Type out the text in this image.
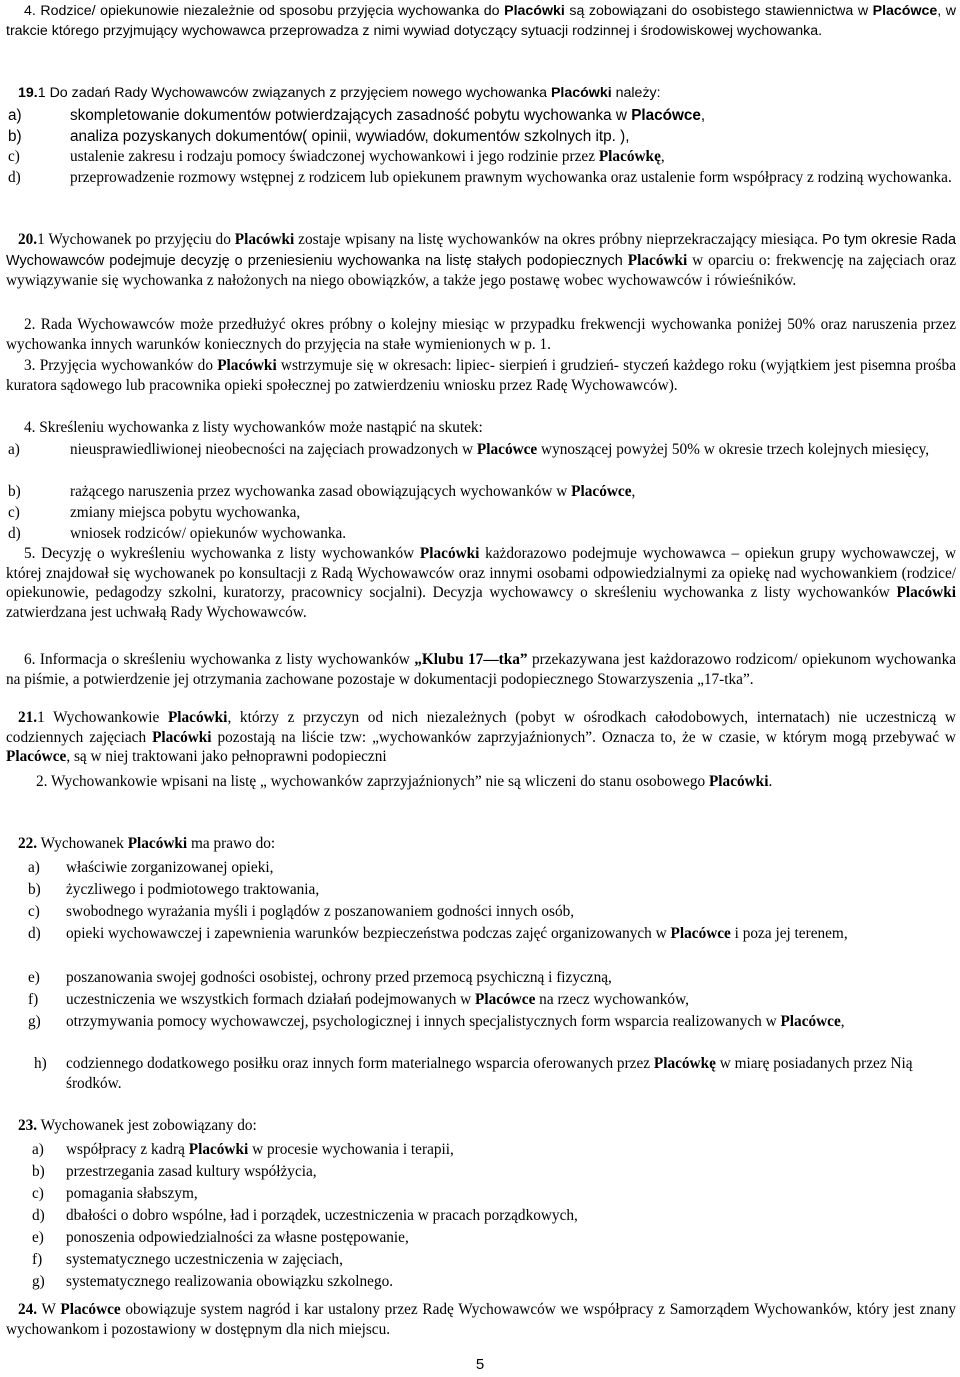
4. Rodzice/ opiekunowie niezależnie od sposobu przyjęcia wychowanka do Placówki są zobowiązani do osobistego stawiennictwa w Placówce, w trakcie którego przyjmujący wychowawca przeprowadza z nimi wywiad dotyczący sytuacji rodzinnej i środowiskowej wychowanka.

19.1 Do zadań Rady Wychowawców związanych z przyjęciem nowego wychowanka Placówki należy:

a)	skompletowanie dokumentów potwierdzających zasadność pobytu wychowanka w Placówce,
b)	analiza pozyskanych dokumentów( opinii, wywiadów, dokumentów szkolnych itp. ),
c)	ustalenie zakresu i rodzaju pomocy świadczonej wychowankowi i jego rodzinie przez Placówkę,
d)	przeprowadzenie rozmowy wstępnej z rodzicem lub opiekunem prawnym wychowanka oraz ustalenie form współpracy z rodziną wychowanka.

20.1 Wychowanek po przyjęciu do Placówki zostaje wpisany na listę wychowanków na okres próbny nieprzekraczający miesiąca. Po tym okresie Rada Wychowawców podejmuje decyzję o przeniesieniu wychowanka na listę stałych podopiecznych Placówki w oparciu o: frekwencję na zajęciach oraz wywiązywanie się wychowanka z nałożonych na niego obowiązków, a także jego postawę wobec wychowawców i rówieśników.

2. Rada Wychowawców może przedłużyć okres próbny o kolejny miesiąc w przypadku frekwencji wychowanka poniżej 50% oraz naruszenia przez wychowanka innych warunków koniecznych do przyjęcia na stałe wymienionych w p. 1.

3. Przyjęcia wychowanków do Placówki wstrzymuje się w okresach: lipiec- sierpień i grudzień- styczeń każdego roku (wyjątkiem jest pisemna prośba kuratora sądowego lub pracownika opieki społecznej po zatwierdzeniu wniosku przez Radę Wychowawców).

4. Skreśleniu wychowanka z listy wychowanków może nastąpić na skutek:

a)	nieusprawiedliwionej nieobecności na zajęciach prowadzonych w Placówce wynoszącej powyżej 50% w okresie trzech kolejnych miesięcy,
b)	rażącego naruszenia przez wychowanka zasad obowiązujących wychowanków w Placówce,
c)	zmiany miejsca pobytu wychowanka,
d)	wniosek rodziców/ opiekunów wychowanka.

5. Decyzję o wykreśleniu wychowanka z listy wychowanków Placówki każdorazowo podejmuje wychowawca – opiekun grupy wychowawczej, w której znajdował się wychowanek po konsultacji z Radą Wychowawców oraz innymi osobami odpowiedzialnymi za opiekę nad wychowankiem (rodzice/ opiekunowie, pedagodzy szkolni, kuratorzy, pracownicy socjalni). Decyzja wychowawcy o skreśleniu wychowanka z listy wychowanków Placówki zatwierdzana jest uchwałą Rady Wychowawców.

6. Informacja o skreśleniu wychowanka z listy wychowanków „Klubu 17—tka” przekazywana jest każdorazowo rodzicom/ opiekunom wychowanka na piśmie, a potwierdzenie jej otrzymania zachowane pozostaje w dokumentacji podopiecznego Stowarzyszenia „17-tka”.

21.1 Wychowankowie Placówki, którzy z przyczyn od nich niezależnych (pobyt w ośrodkach całodobowych, internatach) nie uczestniczą w codziennych zajęciach Placówki pozostają na liście tzw: „wychowanków zaprzyjaźnionych”. Oznacza to, że w czasie, w którym mogą przebywać w Placówce, są w niej traktowani jako pełnoprawni podopieczni

2. Wychowankowie wpisani na listę „ wychowanków zaprzyjaźnionych” nie są wliczeni do stanu osobowego Placówki.

22. Wychowanek Placówki ma prawo do:

a) właściwie zorganizowanej opieki,
b) życzliwego i podmiotowego traktowania,
c) swobodnego wyrażania myśli i poglądów z poszanowaniem godności innych osób,
d) opieki wychowawczej i zapewnienia warunków bezpieczeństwa podczas zajęć organizowanych w Placówce i poza jej terenem,
e) poszanowania swojej godności osobistej, ochrony przed przemocą psychiczną i fizyczną,
f) uczestniczenia we wszystkich formach działań podejmowanych w Placówce na rzecz wychowanków,
g) otrzymywania pomocy wychowawczej, psychologicznej i innych specjalistycznych form wsparcia realizowanych w Placówce,
h) codziennego dodatkowego posiłku oraz innych form materialnego wsparcia oferowanych przez Placówkę w miarę posiadanych przez Nią środków.

23. Wychowanek jest zobowiązany do:

a) współpracy z kadrą Placówki w procesie wychowania i terapii,
b) przestrzegania zasad kultury współżycia,
c) pomagania słabszym,
d) dbałości o dobro wspólne, ład i porządek, uczestniczenia w pracach porządkowych,
e) ponoszenia odpowiedzialności za własne postępowanie,
f) systematycznego uczestniczenia w zajęciach,
g) systematycznego realizowania obowiązku szkolnego.

24. W Placówce obowiązuje system nagród i kar ustalony przez Radę Wychowawców we współpracy z Samorządem Wychowanków, który jest znany wychowankom i pozostawiony w dostępnym dla nich miejscu.

5
